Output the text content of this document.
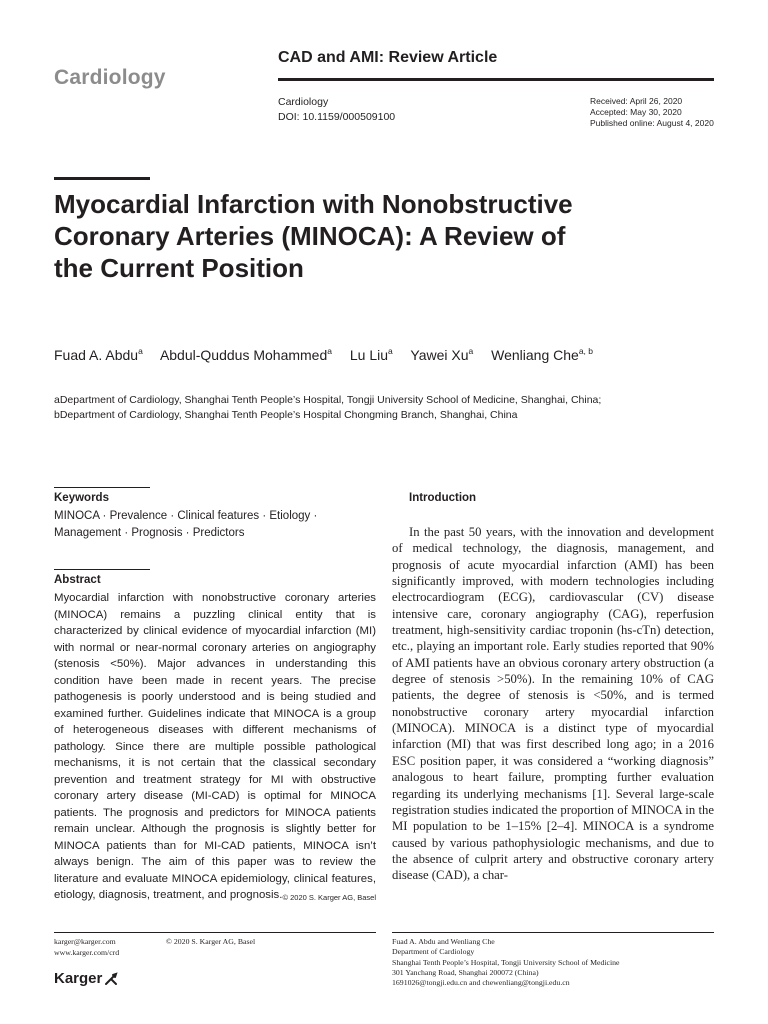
Cardiology
CAD and AMI: Review Article
Cardiology
DOI: 10.1159/000509100
Received: April 26, 2020
Accepted: May 30, 2020
Published online: August 4, 2020
Myocardial Infarction with Nonobstructive Coronary Arteries (MINOCA): A Review of the Current Position
Fuad A. Abdu$^a$ Abdul-Quddus Mohammed$^a$ Lu Liu$^a$ Yawei Xu$^a$ Wenliang Che$^{a, b}$
aDepartment of Cardiology, Shanghai Tenth People’s Hospital, Tongji University School of Medicine, Shanghai, China;
bDepartment of Cardiology, Shanghai Tenth People’s Hospital Chongming Branch, Shanghai, China
Keywords
MINOCA · Prevalence · Clinical features · Etiology · Management · Prognosis · Predictors
Abstract
Myocardial infarction with nonobstructive coronary arteries (MINOCA) remains a puzzling clinical entity that is characterized by clinical evidence of myocardial infarction (MI) with normal or near-normal coronary arteries on angiography (stenosis <50%). Major advances in understanding this condition have been made in recent years. The precise pathogenesis is poorly understood and is being studied and examined further. Guidelines indicate that MINOCA is a group of heterogeneous diseases with different mechanisms of pathology. Since there are multiple possible pathological mechanisms, it is not certain that the classical secondary prevention and treatment strategy for MI with obstructive coronary artery disease (MI-CAD) is optimal for MINOCA patients. The prognosis and predictors for MINOCA patients remain unclear. Although the prognosis is slightly better for MINOCA patients than for MI-CAD patients, MINOCA isn’t always benign. The aim of this paper was to review the literature and evaluate MINOCA epidemiology, clinical features, etiology, diagnosis, treatment, and prognosis. © 2020 S. Karger AG, Basel
Introduction

In the past 50 years, with the innovation and development of medical technology, the diagnosis, management, and prognosis of acute myocardial infarction (AMI) has been significantly improved, with modern technologies including electrocardiogram (ECG), cardiovascular (CV) disease intensive care, coronary angiography (CAG), reperfusion treatment, high-sensitivity cardiac troponin (hs-cTn) detection, etc., playing an important role. Early studies reported that 90% of AMI patients have an obvious coronary artery obstruction (a degree of stenosis >50%). In the remaining 10% of CAG patients, the degree of stenosis is <50%, and is termed nonobstructive coronary artery myocardial infarction (MINOCA). MINOCA is a distinct type of myocardial infarction (MI) that was first described long ago; in a 2016 ESC position paper, it was considered a “working diagnosis” analogous to heart failure, prompting further evaluation regarding its underlying mechanisms [1]. Several large-scale registration studies indicated the proportion of MINOCA in the MI population to be 1–15% [2–4]. MINOCA is a syndrome caused by various pathophysiologic mechanisms, and due to the absence of culprit artery and obstructive coronary artery disease (CAD), a char-

karger@karger.com
www.karger.com/crd
© 2020 S. Karger AG, Basel
Karger
Fuad A. Abdu and Wenliang Che
Department of Cardiology
Shanghai Tenth People’s Hospital, Tongji University School of Medicine
301 Yanchang Road, Shanghai 200072 (China)
1691026@tongji.edu.cn and chewenliang@tongji.edu.cn
